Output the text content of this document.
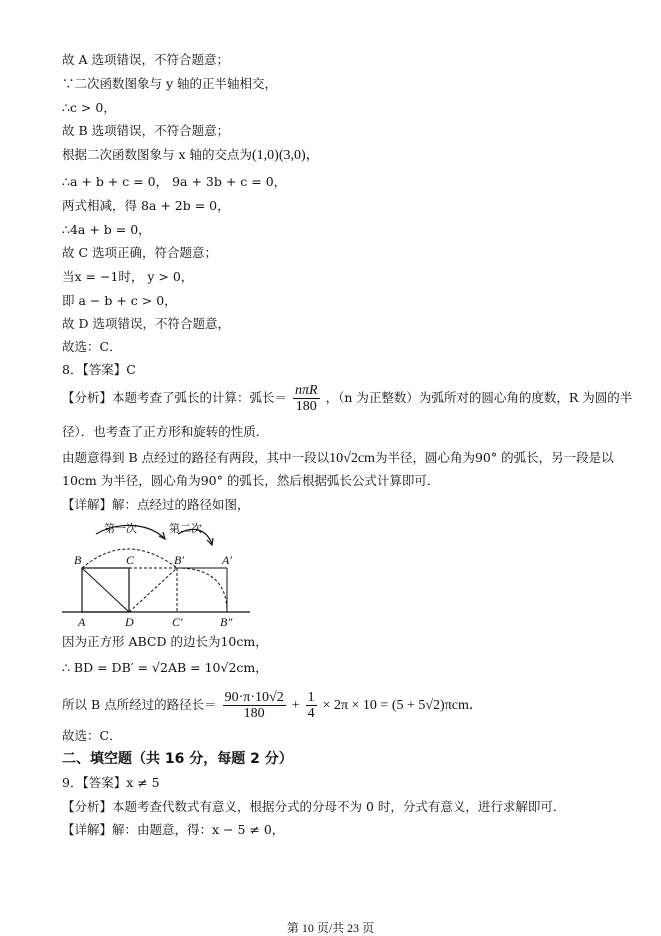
故 A 选项错误，不符合题意；
∵二次函数图象与 y 轴的正半轴相交，
∴c > 0，
故 B 选项错误，不符合题意；
根据二次函数图象与 x 轴的交点为(1,0)(3,0)，
∴a + b + c = 0， 9a + 3b + c = 0，
两式相减，得 8a + 2b = 0，
∴4a + b = 0，
故 C 选项正确，符合题意；
当x = −1时， y > 0，
即 a − b + c > 0，
故 D 选项错误，不符合题意，
故选：C．
8．【答案】C
【分析】本题考查了弧长的计算：弧长＝ $\frac{\text{nπR}}{180}$ ，（n 为正整数）为弧所对的圆心角的度数，R 为圆的半
径）．也考查了正方形和旋转的性质．
由题意得到 B 点经过的路径有两段，其中一段以10√2cm为半径，圆心角为90° 的弧长，另一段是以
10cm 为半径，圆心角为90° 的弧长，然后根据弧长公式计算即可．
【详解】解：点经过的路径如图，
第一次	第二次
B	C	B′	A′
A	D	C′	B″
因为正方形 ABCD 的边长为10cm，
∴ BD = DB′ = √2AB = 10√2cm，
所以 B 点所经过的路径长＝ $\frac{90\cdot\pi\cdot 10√2}{180} + \frac{1}{4} \times 2\pi \times 10 = (5 + 5√2)\pi cm$．
故选：C．
二、填空题（共 16 分，每题 2 分）
9．【答案】x ≠ 5
【分析】本题考查代数式有意义，根据分式的分母不为 0 时，分式有意义，进行求解即可．
【详解】解：由题意，得：x − 5 ≠ 0，
第 10 页/共 23 页
